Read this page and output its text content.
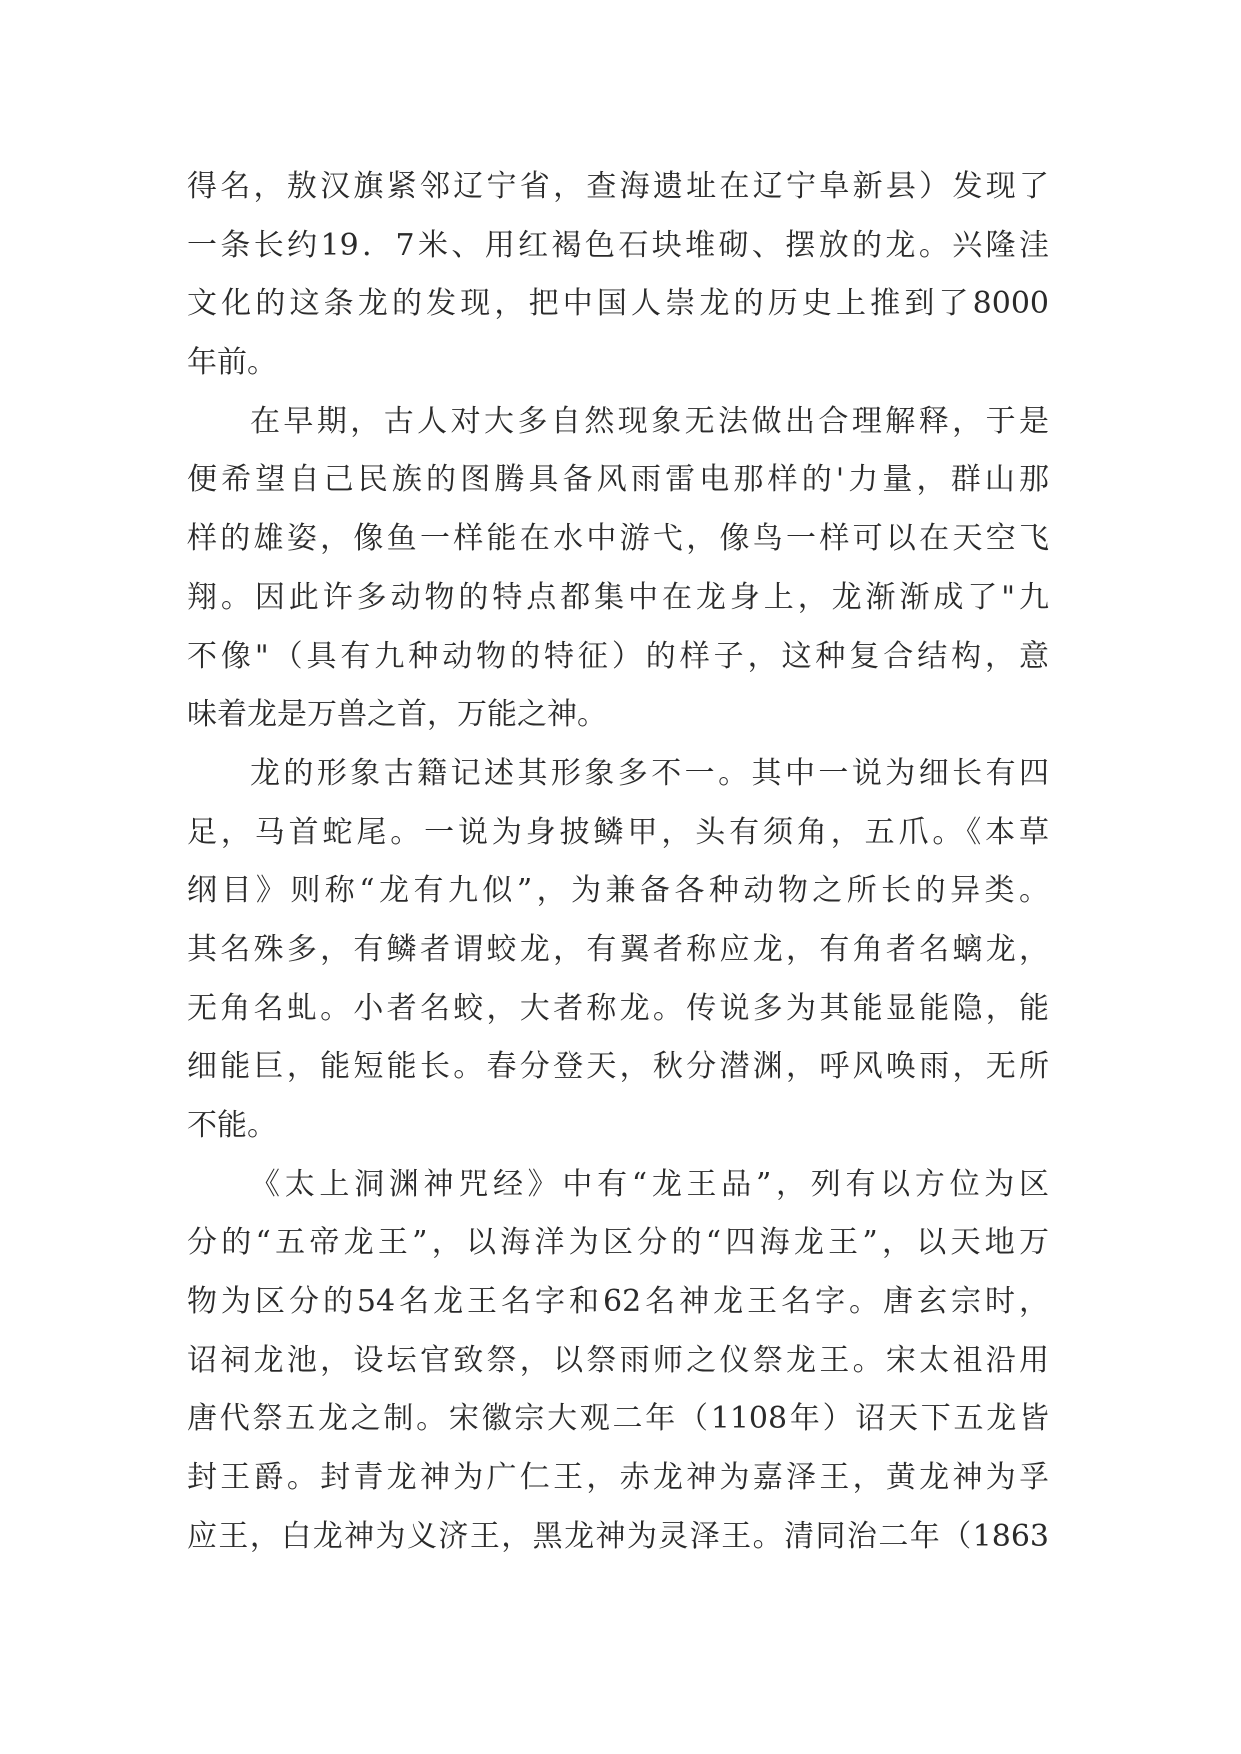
得名，敖汉旗紧邻辽宁省，查海遗址在辽宁阜新县）发现了
一条长约19．7米、用红褐色石块堆砌、摆放的龙。兴隆洼
文化的这条龙的发现，把中国人崇龙的历史上推到了8000
年前。
在早期，古人对大多自然现象无法做出合理解释，于是
便希望自己民族的图腾具备风雨雷电那样的'力量，群山那
样的雄姿，像鱼一样能在水中游弋，像鸟一样可以在天空飞
翔。因此许多动物的特点都集中在龙身上，龙渐渐成了"九
不像"（具有九种动物的特征）的样子，这种复合结构，意
味着龙是万兽之首，万能之神。
龙的形象古籍记述其形象多不一。其中一说为细长有四
足，马首蛇尾。一说为身披鳞甲，头有须角，五爪。《本草
纲目》则称“龙有九似”，为兼备各种动物之所长的异类。
其名殊多，有鳞者谓蛟龙，有翼者称应龙，有角者名螭龙，
无角名虬。小者名蛟，大者称龙。传说多为其能显能隐，能
细能巨，能短能长。春分登天，秋分潜渊，呼风唤雨，无所
不能。
《太上洞渊神咒经》中有“龙王品”，列有以方位为区
分的“五帝龙王”，以海洋为区分的“四海龙王”，以天地万
物为区分的54名龙王名字和62名神龙王名字。唐玄宗时，
诏祠龙池，设坛官致祭，以祭雨师之仪祭龙王。宋太祖沿用
唐代祭五龙之制。宋徽宗大观二年（1108年）诏天下五龙皆
封王爵。封青龙神为广仁王，赤龙神为嘉泽王，黄龙神为孚
应王，白龙神为义济王，黑龙神为灵泽王。清同治二年（1863
